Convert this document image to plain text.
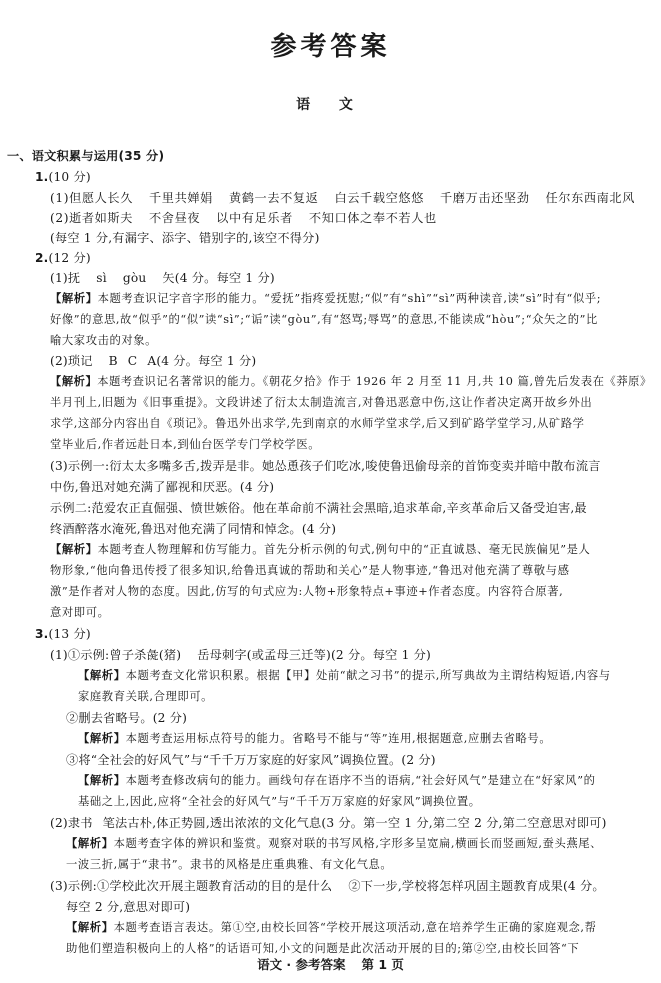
参考答案
语 文
一、语文积累与运用(35 分)
1.(10 分)
(1)但愿人长久 千里共婵娟 黄鹤一去不复返 白云千载空悠悠 千磨万击还坚劲 任尔东西南北风
(2)逝者如斯夫 不舍昼夜 以中有足乐者 不知口体之奉不若人也
(每空 1 分,有漏字、添字、错别字的,该空不得分)
2.(12 分)
(1)抚 sì gòu 矢(4 分。每空 1 分)
【解析】本题考查识记字音字形的能力。“爱抚”指疼爱抚慰;“似”有“shì”“sì”两种读音,读“sì”时有“似乎;
好像”的意思,故“似乎”的“似”读“sì”;“诟”读“gòu”,有“怒骂;辱骂”的意思,不能读成“hòu”;“众矢之的”比
喻大家攻击的对象。
(2)琐记 B C A(4 分。每空 1 分)
【解析】本题考查识记名著常识的能力。《朝花夕拾》作于 1926 年 2 月至 11 月,共 10 篇,曾先后发表在《莽原》
半月刊上,旧题为《旧事重提》。文段讲述了衍太太制造流言,对鲁迅恶意中伤,这让作者决定离开故乡外出
求学,这部分内容出自《琐记》。鲁迅外出求学,先到南京的水师学堂求学,后又到矿路学堂学习,从矿路学
堂毕业后,作者远赴日本,到仙台医学专门学校学医。
(3)示例一:衍太太多嘴多舌,拨弄是非。她怂恿孩子们吃冰,唆使鲁迅偷母亲的首饰变卖并暗中散布流言
中伤,鲁迅对她充满了鄙视和厌恶。(4 分)
示例二:范爱农正直倔强、愤世嫉俗。他在革命前不满社会黑暗,追求革命,辛亥革命后又备受迫害,最
终酒醉落水淹死,鲁迅对他充满了同情和悼念。(4 分)
【解析】本题考查人物理解和仿写能力。首先分析示例的句式,例句中的“正直诚恳、毫无民族偏见”是人
物形象,“他向鲁迅传授了很多知识,给鲁迅真诚的帮助和关心”是人物事迹,“鲁迅对他充满了尊敬与感
激”是作者对人物的态度。因此,仿写的句式应为:人物+形象特点+事迹+作者态度。内容符合原著,
意对即可。
3.(13 分)
(1)①示例:曾子杀彘(猪) 岳母刺字(或孟母三迁等)(2 分。每空 1 分)
【解析】本题考查文化常识积累。根据【甲】处前“献之习书”的提示,所写典故为主谓结构短语,内容与
家庭教育关联,合理即可。
②删去省略号。(2 分)
【解析】本题考查运用标点符号的能力。省略号不能与“等”连用,根据题意,应删去省略号。
③将“全社会的好风气”与“千千万万家庭的好家风”调换位置。(2 分)
【解析】本题考查修改病句的能力。画线句存在语序不当的语病,“社会好风气”是建立在“好家风”的
基础之上,因此,应将“全社会的好风气”与“千千万万家庭的好家风”调换位置。
(2)隶书 笔法古朴,体正势圆,透出浓浓的文化气息(3 分。第一空 1 分,第二空 2 分,第二空意思对即可)
【解析】本题考查字体的辨识和鉴赏。观察对联的书写风格,字形多呈宽扁,横画长而竖画短,蚕头燕尾、
一波三折,属于“隶书”。隶书的风格是庄重典雅、有文化气息。
(3)示例:①学校此次开展主题教育活动的目的是什么 ②下一步,学校将怎样巩固主题教育成果(4 分。
每空 2 分,意思对即可)
【解析】本题考查语言表达。第①空,由校长回答“学校开展这项活动,意在培养学生正确的家庭观念,帮
助他们塑造积极向上的人格”的话语可知,小文的问题是此次活动开展的目的;第②空,由校长回答“下
语文 · 参考答案 第 1 页
